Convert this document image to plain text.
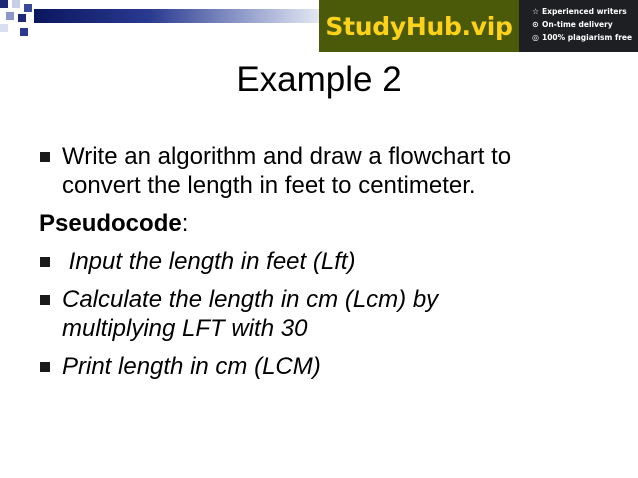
StudyHub.vip ☆ Experienced writers
⊙ On-time delivery
◎ 100% plagiarism free
Example 2
Write an algorithm and draw a flowchart to
convert the length in feet to centimeter.
Pseudocode:
Input the length in feet (Lft)
Calculate the length in cm (Lcm) by
multiplying LFT with 30
Print length in cm (LCM)
